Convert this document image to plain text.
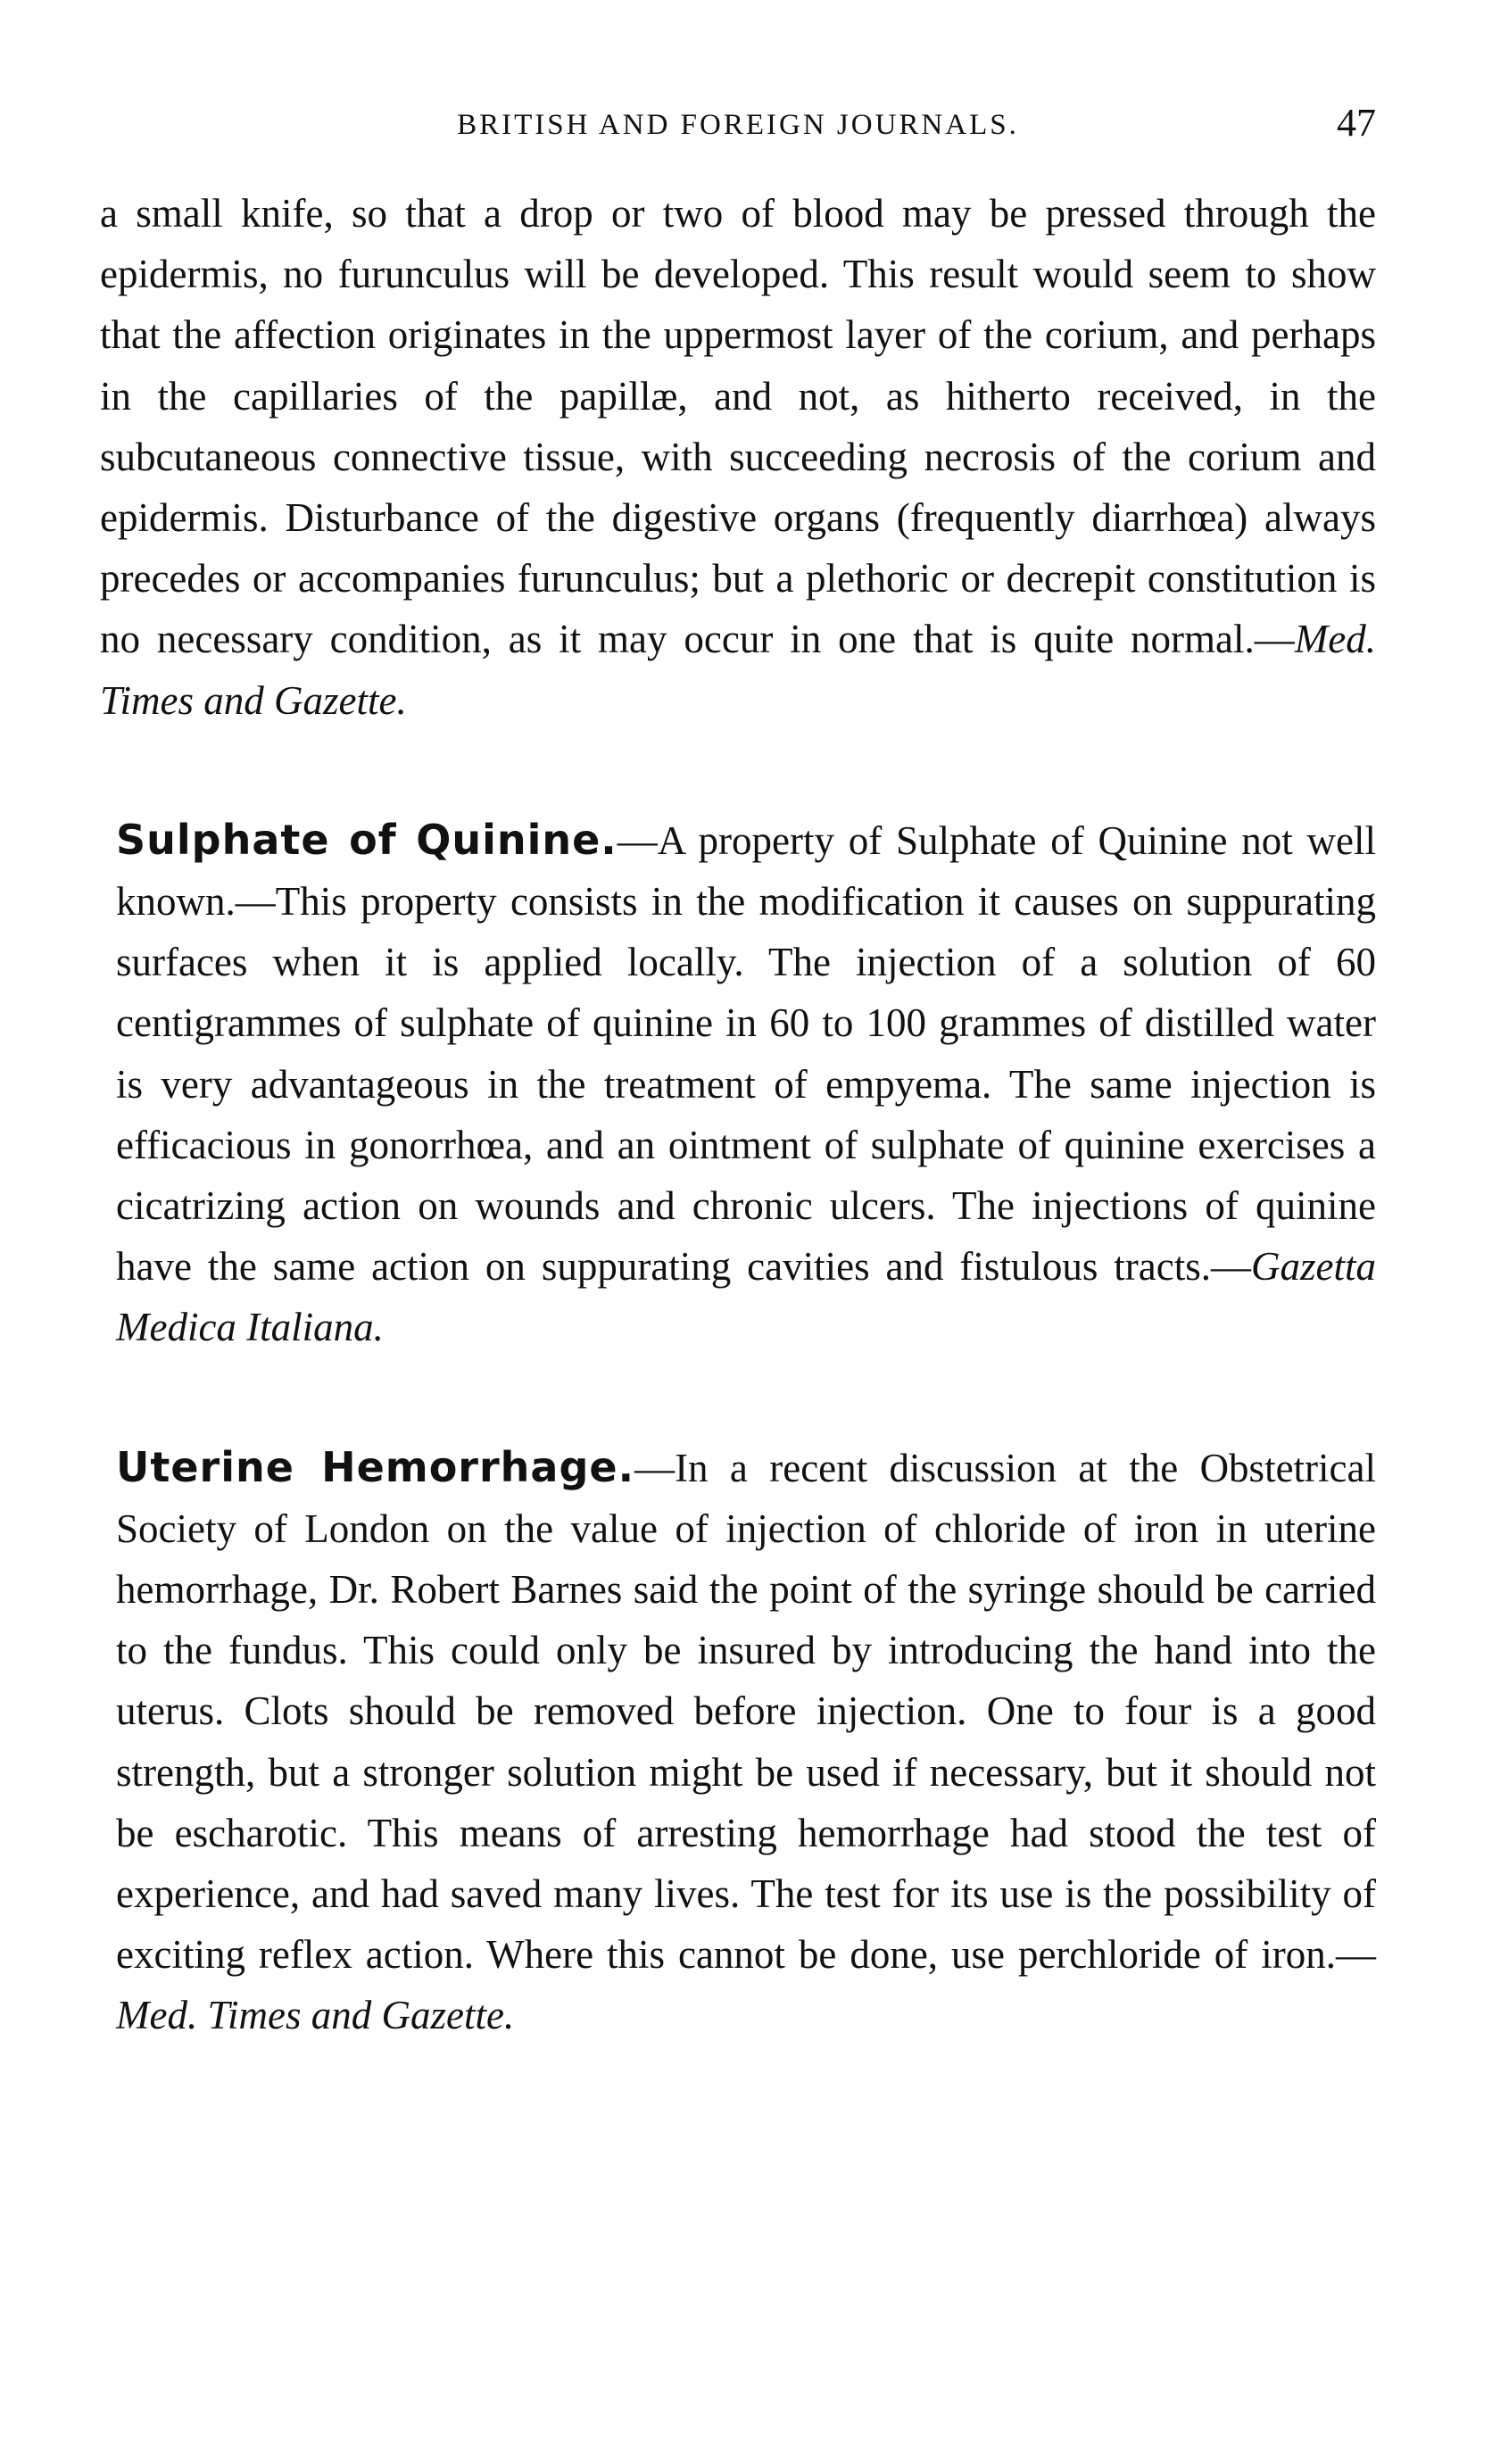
BRITISH AND FOREIGN JOURNALS.	47

a small knife, so that a drop or two of blood may be pressed through the epidermis, no furunculus will be developed. This result would seem to show that the affection originates in the uppermost layer of the corium, and perhaps in the capillaries of the papillæ, and not, as hitherto received, in the subcutaneous connective tissue, with succeeding necrosis of the corium and epidermis. Disturbance of the digestive organs (frequently diarrhœa) always precedes or accompanies furunculus; but a plethoric or decrepit constitution is no necessary condition, as it may occur in one that is quite normal.—Med. Times and Gazette.

Sulphate of Quinine.—A property of Sulphate of Quinine not well known.—This property consists in the modification it causes on suppurating surfaces when it is applied locally. The injection of a solution of 60 centigrammes of sulphate of quinine in 60 to 100 grammes of distilled water is very advantageous in the treatment of empyema. The same injection is efficacious in gonorrhœa, and an ointment of sulphate of quinine exercises a cicatrizing action on wounds and chronic ulcers. The injections of quinine have the same action on suppurating cavities and fistulous tracts.—Gazetta Medica Italiana.

Uterine Hemorrhage.—In a recent discussion at the Obstetrical Society of London on the value of injection of chloride of iron in uterine hemorrhage, Dr. Robert Barnes said the point of the syringe should be carried to the fundus. This could only be insured by introducing the hand into the uterus. Clots should be removed before injection. One to four is a good strength, but a stronger solution might be used if necessary, but it should not be escharotic. This means of arresting hemorrhage had stood the test of experience, and had saved many lives. The test for its use is the possibility of exciting reflex action. Where this cannot be done, use perchloride of iron.—Med. Times and Gazette.
